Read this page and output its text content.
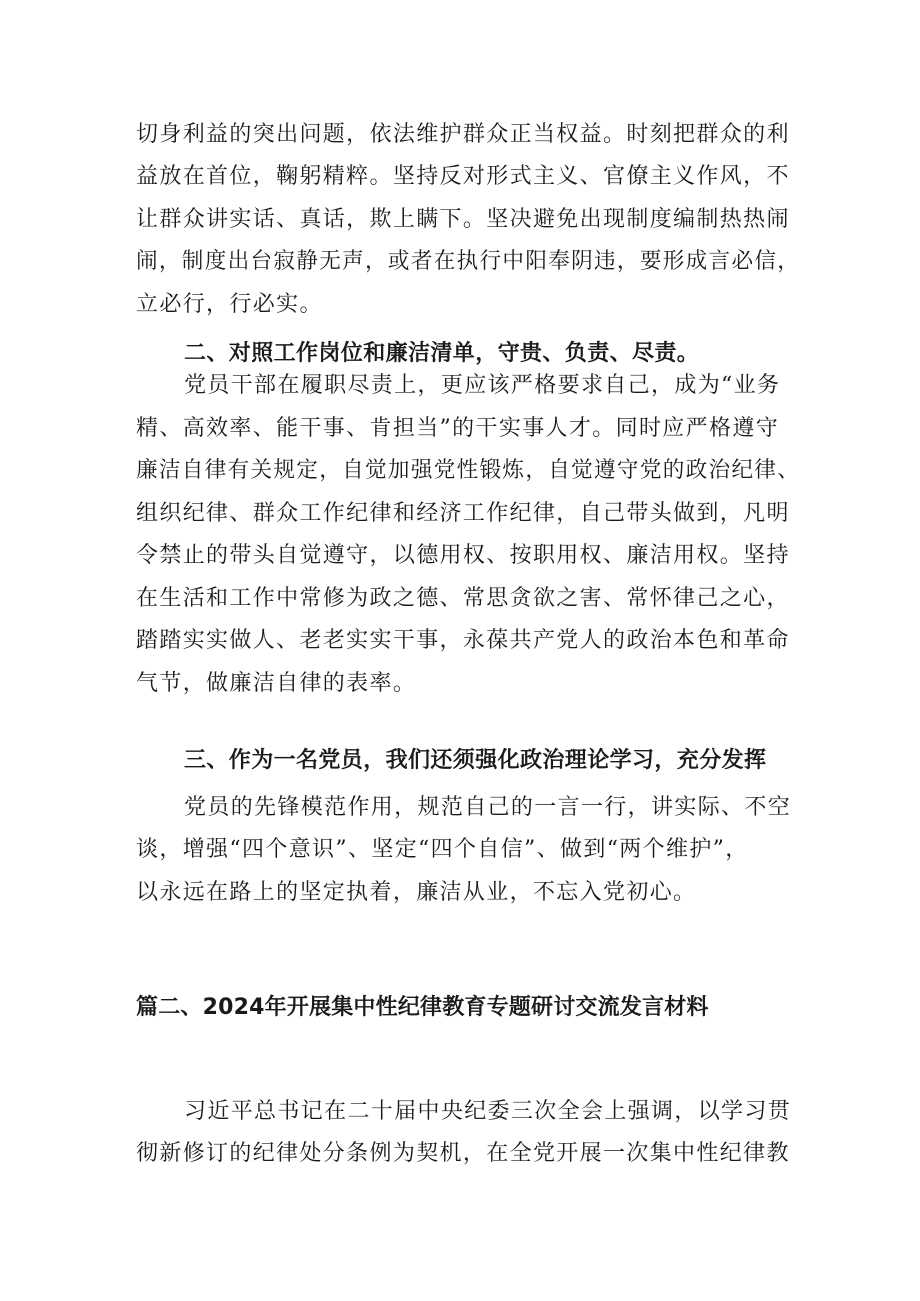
切身利益的突出问题，依法维护群众正当权益。时刻把群众的利
益放在首位，鞠躬精粹。坚持反对形式主义、官僚主义作风，不
让群众讲实话、真话，欺上瞒下。坚决避免出现制度编制热热闹
闹，制度出台寂静无声，或者在执行中阳奉阴违，要形成言必信，
立必行，行必实。
二、对照工作岗位和廉洁清单，守贵、负责、尽责。
党员干部在履职尽责上，更应该严格要求自己，成为“业务
精、高效率、能干事、肯担当”的干实事人才。同时应严格遵守
廉洁自律有关规定，自觉加强党性锻炼，自觉遵守党的政治纪律、
组织纪律、群众工作纪律和经济工作纪律，自己带头做到，凡明
令禁止的带头自觉遵守，以德用权、按职用权、廉洁用权。坚持
在生活和工作中常修为政之德、常思贪欲之害、常怀律己之心，
踏踏实实做人、老老实实干事，永葆共产党人的政治本色和革命
气节，做廉洁自律的表率。
三、作为一名党员，我们还须强化政治理论学习，充分发挥
党员的先锋模范作用，规范自己的一言一行，讲实际、不空
谈，增强“四个意识”、坚定“四个自信”、做到“两个维护”，
以永远在路上的坚定执着，廉洁从业，不忘入党初心。
篇二、2024年开展集中性纪律教育专题研讨交流发言材料
习近平总书记在二十届中央纪委三次全会上强调，以学习贯
彻新修订的纪律处分条例为契机，在全党开展一次集中性纪律教
